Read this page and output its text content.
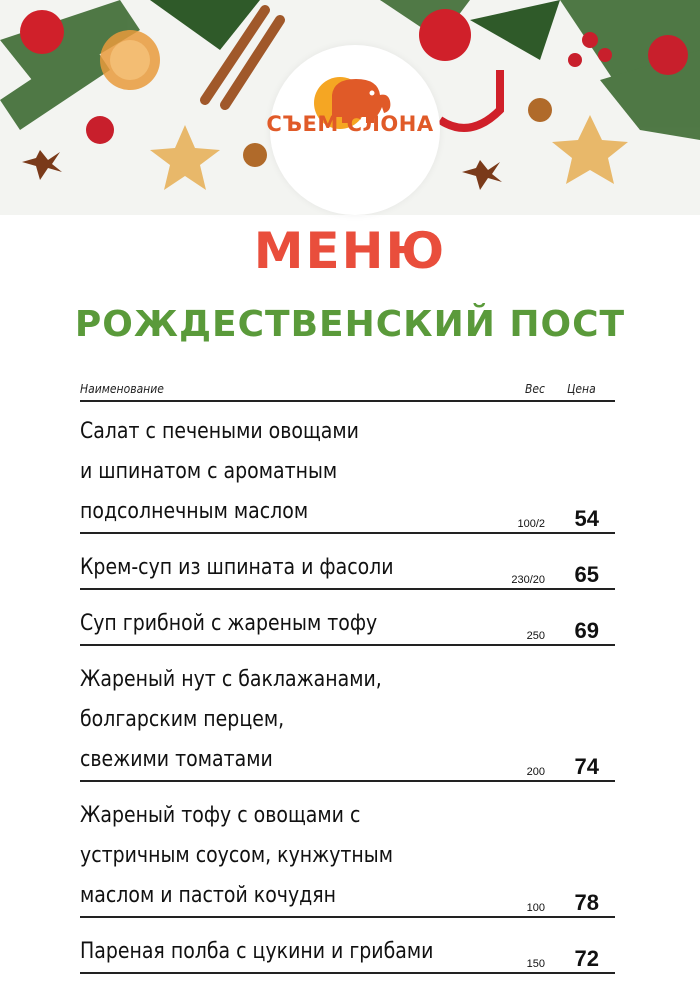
СЪЕМ СЛОНА
МЕНЮ
РОЖДЕСТВЕНСКИЙ ПОСТ
Наименование	Вес Цена
Салат с печеными овощами
и шпинатом с ароматным
подсолнечным маслом	100/2 54
Крем-суп из шпината и фасоли	230/20 65
Суп грибной с жареным тофу	250 69
Жареный нут с баклажанами,
болгарским перцем,
свежими томатами	200 74
Жареный тофу с овощами с
устричным соусом, кунжутным
маслом и пастой кочудян	100 78
Пареная полба с цукини и грибами	150 72
